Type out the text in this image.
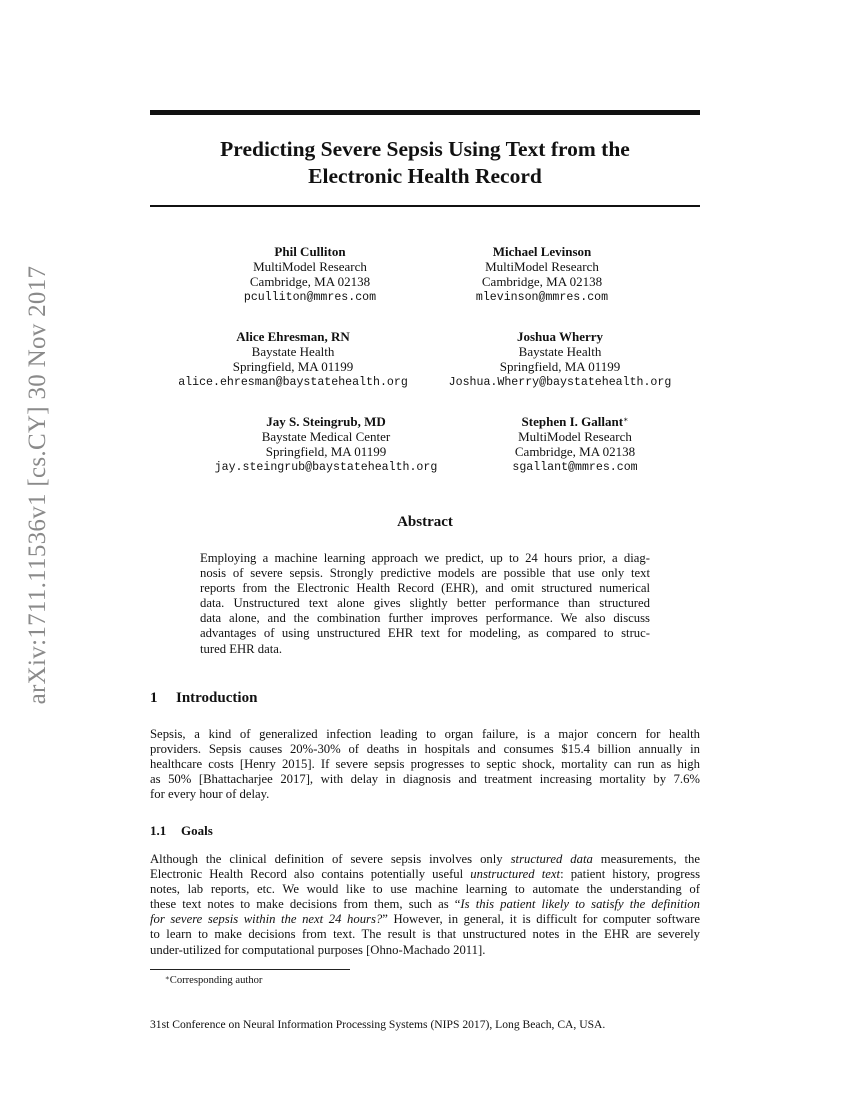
arXiv:1711.11536v1 [cs.CY] 30 Nov 2017
Predicting Severe Sepsis Using Text from the
Electronic Health Record
Phil Culliton
MultiModel Research
Cambridge, MA 02138
pculliton@mmres.com
Michael Levinson
MultiModel Research
Cambridge, MA 02138
mlevinson@mmres.com
Alice Ehresman, RN
Baystate Health
Springfield, MA 01199
alice.ehresman@baystatehealth.org
Joshua Wherry
Baystate Health
Springfield, MA 01199
Joshua.Wherry@baystatehealth.org
Jay S. Steingrub, MD
Baystate Medical Center
Springfield, MA 01199
jay.steingrub@baystatehealth.org
Stephen I. Gallant∗
MultiModel Research
Cambridge, MA 02138
sgallant@mmres.com
Abstract

Employing a machine learning approach we predict, up to 24 hours prior, a diag-
nosis of severe sepsis. Strongly predictive models are possible that use only text
reports from the Electronic Health Record (EHR), and omit structured numerical
data. Unstructured text alone gives slightly better performance than structured
data alone, and the combination further improves performance. We also discuss
advantages of using unstructured EHR text for modeling, as compared to struc-
tured EHR data.

1 Introduction

Sepsis, a kind of generalized infection leading to organ failure, is a major concern for health
providers. Sepsis causes 20%-30% of deaths in hospitals and consumes $15.4 billion annually in
healthcare costs [Henry 2015]. If severe sepsis progresses to septic shock, mortality can run as high
as 50% [Bhattacharjee 2017], with delay in diagnosis and treatment increasing mortality by 7.6%
for every hour of delay.

1.1 Goals

Although the clinical definition of severe sepsis involves only structured data measurements, the
Electronic Health Record also contains potentially useful unstructured text: patient history, progress
notes, lab reports, etc. We would like to use machine learning to automate the understanding of
these text notes to make decisions from them, such as “Is this patient likely to satisfy the definition
for severe sepsis within the next 24 hours?” However, in general, it is difficult for computer software
to learn to make decisions from text. The result is that unstructured notes in the EHR are severely
under-utilized for computational purposes [Ohno-Machado 2011].

∗Corresponding author
31st Conference on Neural Information Processing Systems (NIPS 2017), Long Beach, CA, USA.
